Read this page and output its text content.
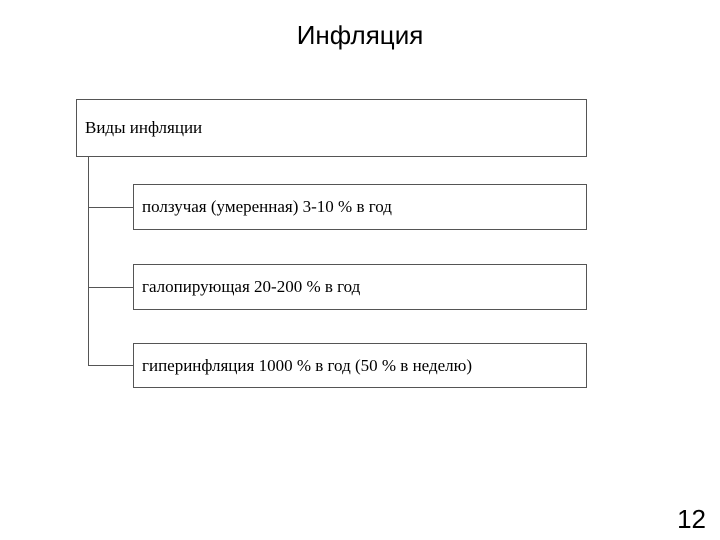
Инфляция
Виды инфляции
ползучая (умеренная) 3-10 % в год
галопирующая 20-200 % в год
гиперинфляция 1000 % в год (50 % в неделю)
12
